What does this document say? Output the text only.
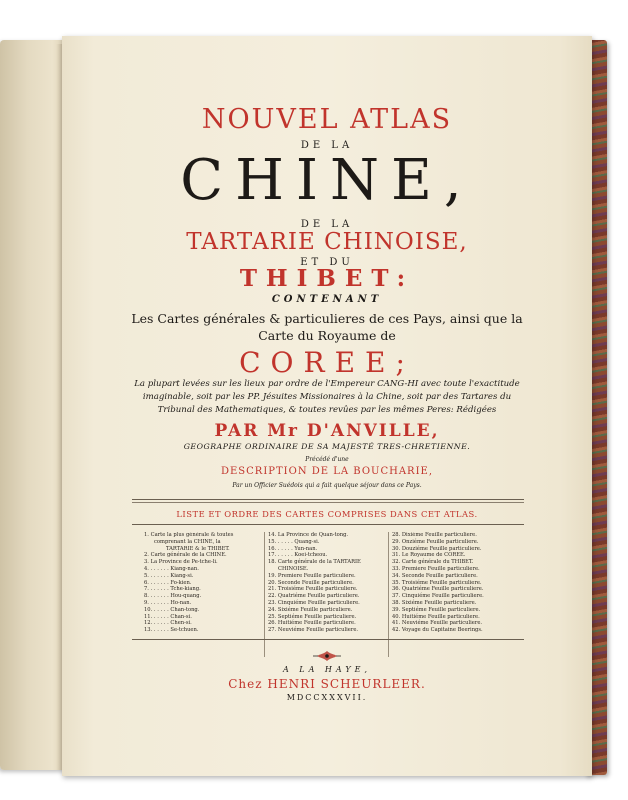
NOUVEL ATLAS
DE LA
CHINE,
DE LA
TARTARIE CHINOISE,
ET DU
THIBET:
CONTENANT
Les Cartes générales & particulieres de ces Pays, ainsi que la
Carte du Royaume de
COREE;
La plupart levées sur les lieux par ordre de l'Empereur CANG-HI avec toute l'exactitude
imaginable, soit par les PP. Jésuites Missionaires à la Chine, soit par des Tartares du
Tribunal des Mathematiques, & toutes revûes par les mêmes Peres: Rédigées
PAR Mr D'ANVILLE,
GEOGRAPHE ORDINAIRE DE SA MAJESTÉ TRES-CHRETIENNE.
Précédé d'une
DESCRIPTION DE LA BOUCHARIE,
Par un Officier Suédois qui a fait quelque séjour dans ce Pays.
LISTE ET ORDRE DES CARTES COMPRISES DANS CET ATLAS.
1. Carte la plus générale & toutes
comprenant la CHINE, la
TARTARIE & le THIBET.
2. Carte générale de la CHINE.
3. La Province de Pe-tche-li.
4. . . . . . . Kiang-nan.
5. . . . . . . Kiang-si.
6. . . . . . . Fo-kien.
7. . . . . . . Tche-kiang.
8. . . . . . . Hou-quang.
9. . . . . . . Ho-nan.
10. . . . . . Chan-tong.
11. . . . . . Chan-si.
12. . . . . . Chen-si.
13. . . . . . Se-tchuen.
14. La Province de Quan-tong.
15. . . . . . Quang-si.
16. . . . . . Yun-nan.
17. . . . . . Koei-tcheou.
18. Carte générale de la TARTARIE
CHINOISE.
19. Premiere Feuille particuliere.
20. Seconde Feuille particuliere.
21. Troisiéme Feuille particuliere.
22. Quatriéme Feuille particuliere.
23. Cinquiéme Feuille particuliere.
24. Sixiéme Feuille particuliere.
25. Septiéme Feuille particuliere.
26. Huitiéme Feuille particuliere.
27. Neuviéme Feuille particuliere.
28. Dixiéme Feuille particuliere.
29. Onziéme Feuille particuliere.
30. Douziéme Feuille particuliere.
31. Le Royaume de COREE.
32. Carte générale du THIBET.
33. Premiere Feuille particuliere.
34. Seconde Feuille particuliere.
35. Troisiéme Feuille particuliere.
36. Quatriéme Feuille particuliere.
37. Cinquiéme Feuille particuliere.
38. Sixiéme Feuille particuliere.
39. Septiéme Feuille particuliere.
40. Huitiéme Feuille particuliere.
41. Neuviéme Feuille particuliere.
42. Voyage du Capitaine Beerings.
A LA HAYE,
Chez HENRI SCHEURLEER.
MDCCXXXVII.
